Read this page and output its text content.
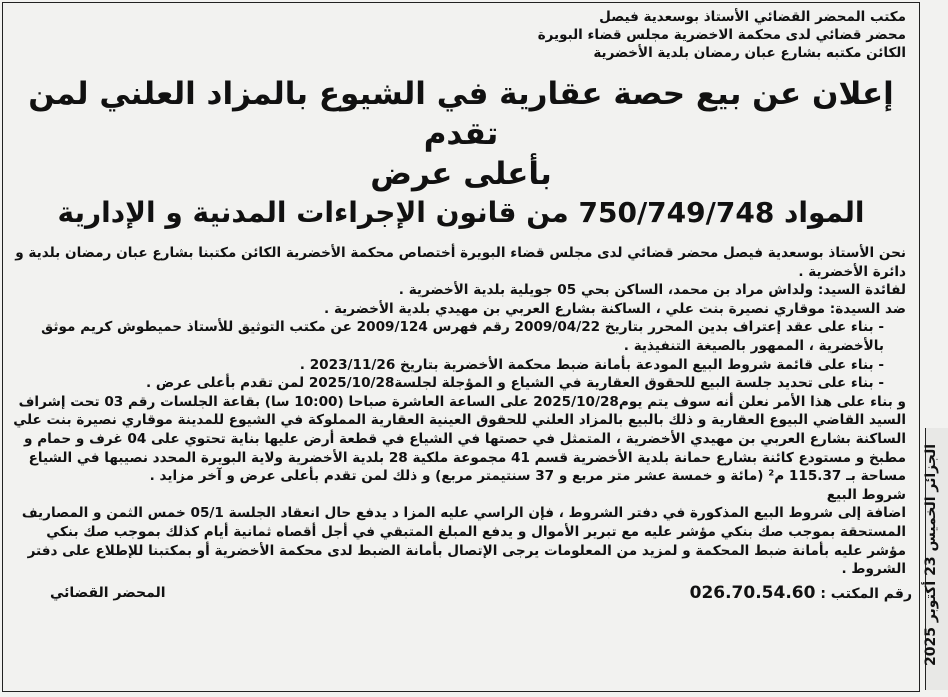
الجزائر الخميس 23 أكتوبر 2025
مكتب المحضر القضائي الأستاذ بوسعدية فيصل
محضر قضائي لدى محكمة الاخضرية مجلس قضاء البويرة
الكائن مكتبه بشارع عبان رمضان بلدية الأخضرية
إعلان عن بيع حصة عقارية في الشيوع بالمزاد العلني لمن تقدم
بأعلى عرض
المواد 750/749/748 من قانون الإجراءات المدنية و الإدارية

نحن الأستاذ بوسعدية فيصل محضر قضائي لدى مجلس قضاء البويرة أختصاص محكمة الأخضرية الكائن مكتبنا بشارع عبان رمضان بلدية و دائرة الأخضرية .

لفائدة السيد: ولداش مراد بن محمد، الساكن بحي 05 جويلية بلدية الأخضرية .

ضد السيدة: موقاري نصيرة بنت علي ، الساكنة بشارع العربي بن مهيدي بلدية الأخضرية .

- بناء على عقد إعتراف بدين المحرر بتاريخ 2009/04/22 رقم فهرس 2009/124 عن مكتب التوثيق للأستاذ حميطوش كريم موثق بالأخضرية ، الممهور بالصيغة التنفيذية .

- بناء على قائمة شروط البيع المودعة بأمانة ضبط محكمة الأخضرية بتاريخ 2023/11/26 .

- بناء على تحديد جلسة البيع للحقوق العقارية في الشياع و المؤجلة لجلسة2025/10/28 لمن تقدم بأعلى عرض .

و بناء على هذا الأمر نعلن أنه سوف يتم يوم2025/10/28 على الساعة العاشرة صباحا (10:00 سا) بقاعة الجلسات رقم 03 تحت إشراف السيد القاضي البيوع العقارية و ذلك بالبيع بالمزاد العلني للحقوق العينية العقارية المملوكة في الشيوع للمدينة موقاري نصيرة بنت علي الساكنة بشارع العربي بن مهيدي الأخضرية ، المتمثل في حصتها في الشياع في قطعة أرض عليها بناية تحتوي على 04 غرف و حمام و مطبخ و مستودع كائنة بشارع حمانة بلدية الأخضرية قسم 41 مجموعة ملكية 28 بلدية الأخضرية ولاية البويرة المحدد نصيبها في الشياع مساحة بـ 115.37 م² (مائة و خمسة عشر متر مربع و 37 سنتيمتر مربع) و ذلك لمن تقدم بأعلى عرض و آخر مزايد .

شروط البيع

اضافة إلى شروط البيع المذكورة في دفتر الشروط ، فإن الراسي عليه المزا د يدفع حال انعقاد الجلسة 05/1 خمس الثمن و المصاريف المستحقة بموجب صك بنكي مؤشر عليه مع تبرير الأموال و يدفع المبلغ المتبقي في أجل أقصاه ثمانية أيام كذلك بموجب صك بنكي مؤشر عليه بأمانة ضبط المحكمة و لمزيد من المعلومات يرجى الإتصال بأمانة الضبط لدى محكمة الأخضرية أو بمكتبنا للإطلاع على دفتر الشروط .

رقم المكتب : 026.70.54.60
المحضر القضائي
